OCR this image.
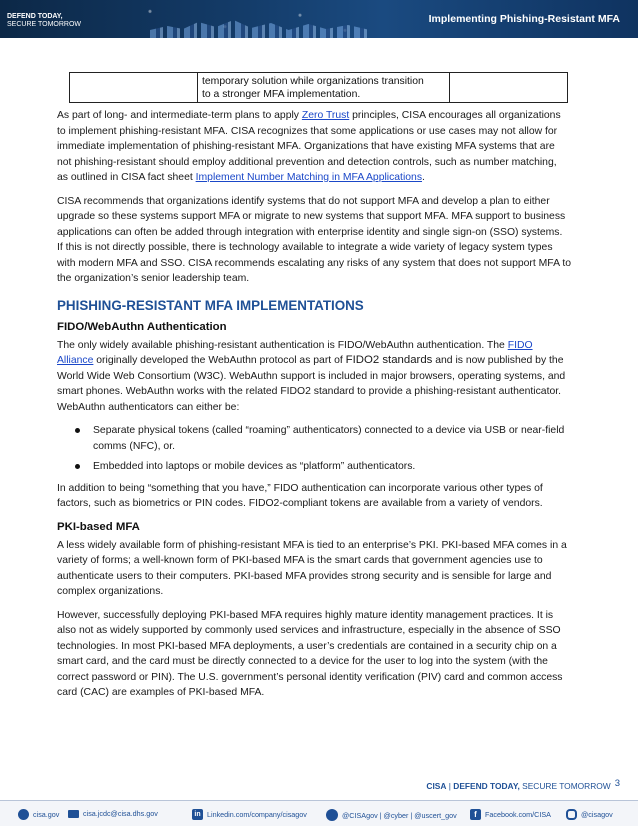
DEFEND TODAY,
SECURE TOMORROW	Implementing Phishing-Resistant MFA

temporary solution while organizations transition
to a stronger MFA implementation.

As part of long- and intermediate-term plans to apply Zero Trust principles, CISA encourages all organizations
to implement phishing-resistant MFA. CISA recognizes that some applications or use cases may not allow for
immediate implementation of phishing-resistant MFA. Organizations that have existing MFA systems that are
not phishing-resistant should employ additional prevention and detection controls, such as number matching,
as outlined in CISA fact sheet Implement Number Matching in MFA Applications.

CISA recommends that organizations identify systems that do not support MFA and develop a plan to either
upgrade so these systems support MFA or migrate to new systems that support MFA. MFA support to business
applications can often be added through integration with enterprise identity and single sign-on (SSO) systems.
If this is not directly possible, there is technology available to integrate a wide variety of legacy system types
with modern MFA and SSO. CISA recommends escalating any risks of any system that does not support MFA to
the organization’s senior leadership team.

PHISHING-RESISTANT MFA IMPLEMENTATIONS
FIDO/WebAuthn Authentication

The only widely available phishing-resistant authentication is FIDO/WebAuthn authentication. The FIDO
Alliance originally developed the WebAuthn protocol as part of FIDO2 standards and is now published by the
World Wide Web Consortium (W3C). WebAuthn support is included in major browsers, operating systems, and
smart phones. WebAuthn works with the related FIDO2 standard to provide a phishing-resistant authenticator.
WebAuthn authenticators can either be:

Separate physical tokens (called “roaming” authenticators) connected to a device via USB or near-field
comms (NFC), or.
Embedded into laptops or mobile devices as “platform” authenticators.

In addition to being “something that you have,” FIDO authentication can incorporate various other types of
factors, such as biometrics or PIN codes. FIDO2-compliant tokens are available from a variety of vendors.

PKI-based MFA

A less widely available form of phishing-resistant MFA is tied to an enterprise’s PKI. PKI-based MFA comes in a
variety of forms; a well-known form of PKI-based MFA is the smart cards that government agencies use to
authenticate users to their computers. PKI-based MFA provides strong security and is sensible for large and
complex organizations.

However, successfully deploying PKI-based MFA requires highly mature identity management practices. It is
also not as widely supported by commonly used services and infrastructure, especially in the absence of SSO
technologies. In most PKI-based MFA deployments, a user’s credentials are contained in a security chip on a
smart card, and the card must be directly connected to a device for the user to log into the system (with the
correct password or PIN). The U.S. government’s personal identity verification (PIV) card and common access
card (CAC) are examples of PKI-based MFA.

CISA | DEFEND TODAY, SECURE TOMORROW 3
cisa.gov	cisa.jcdc@cisa.dhs.gov	in Linkedin.com/company/cisagov	@CISAgov | @cyber | @uscert_gov	f	Facebook.com/CISA	@cisagov
